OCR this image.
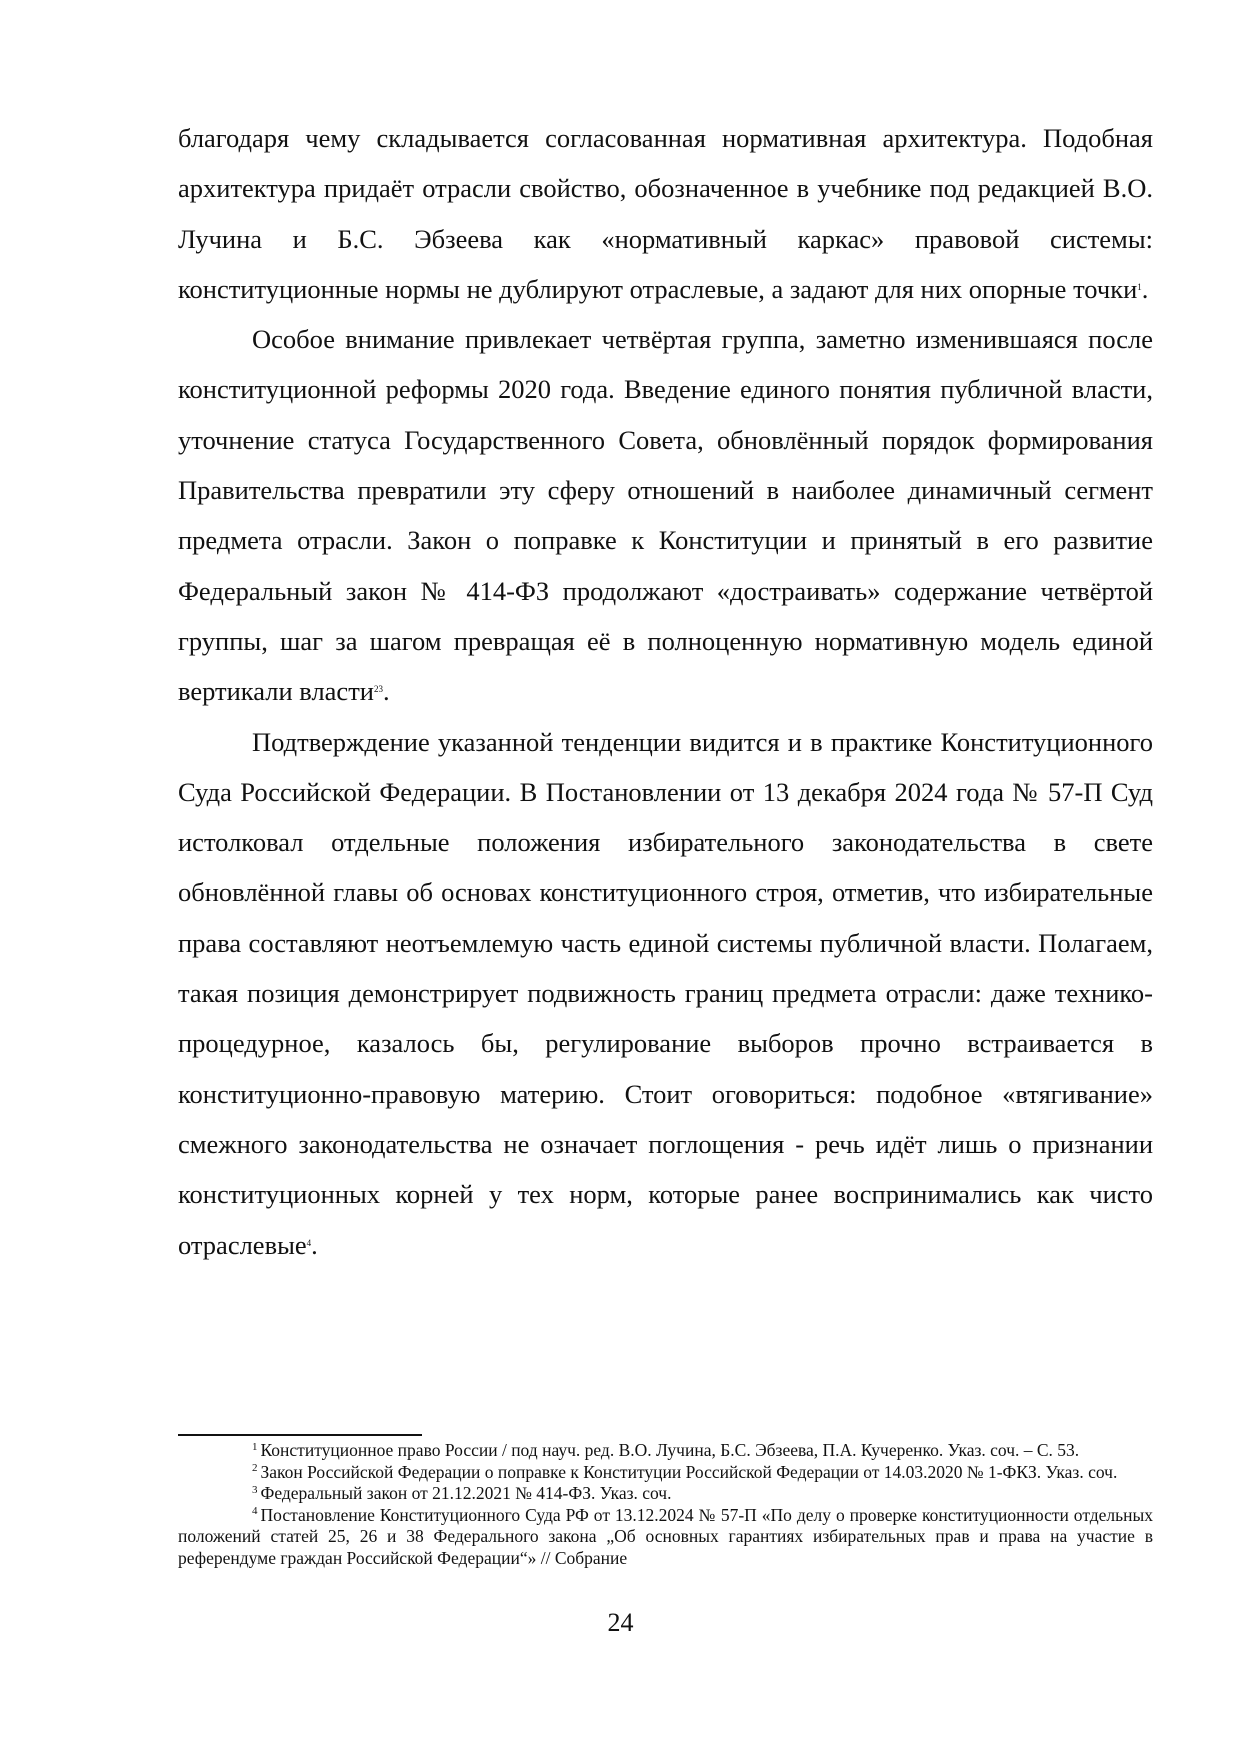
благодаря чему складывается согласованная нормативная архитектура. Подобная архитектура придаёт отрасли свойство, обозначенное в учебнике под редакцией В.О. Лучина и Б.С. Эбзеева как «нормативный каркас» правовой системы: конституционные нормы не дублируют отраслевые, а задают для них опорные точки$^1$.

Особое внимание привлекает четвёртая группа, заметно изменившаяся после конституционной реформы 2020 года. Введение единого понятия публичной власти, уточнение статуса Государственного Совета, обновлённый порядок формирования Правительства превратили эту сферу отношений в наиболее динамичный сегмент предмета отрасли. Закон о поправке к Конституции и принятый в его развитие Федеральный закон № 414-ФЗ продолжают «достраивать» содержание четвёртой группы, шаг за шагом превращая её в полноценную нормативную модель единой вертикали власти$^{23}$.

Подтверждение указанной тенденции видится и в практике Конституционного Суда Российской Федерации. В Постановлении от 13 декабря 2024 года № 57-П Суд истолковал отдельные положения избирательного законодательства в свете обновлённой главы об основах конституционного строя, отметив, что избирательные права составляют неотъемлемую часть единой системы публичной власти. Полагаем, такая позиция демонстрирует подвижность границ предмета отрасли: даже технико-процедурное, казалось бы, регулирование выборов прочно встраивается в конституционно-правовую материю. Стоит оговориться: подобное «втягивание» смежного законодательства не означает поглощения - речь идёт лишь о признании конституционных корней у тех норм, которые ранее воспринимались как чисто отраслевые$^4$.

$^1$ Конституционное право России / под науч. ред. В.О. Лучина, Б.С. Эбзеева, П.А. Кучеренко. Указ. соч. – С. 53.

$^2$ Закон Российской Федерации о поправке к Конституции Российской Федерации от 14.03.2020 № 1-ФКЗ. Указ. соч.

$^3$ Федеральный закон от 21.12.2021 № 414-ФЗ. Указ. соч.

$^4$ Постановление Конституционного Суда РФ от 13.12.2024 № 57-П «По делу о проверке конституционности отдельных положений статей 25, 26 и 38 Федерального закона „Об основных гарантиях избирательных прав и права на участие в референдуме граждан Российской Федерации“» // Собрание

24
